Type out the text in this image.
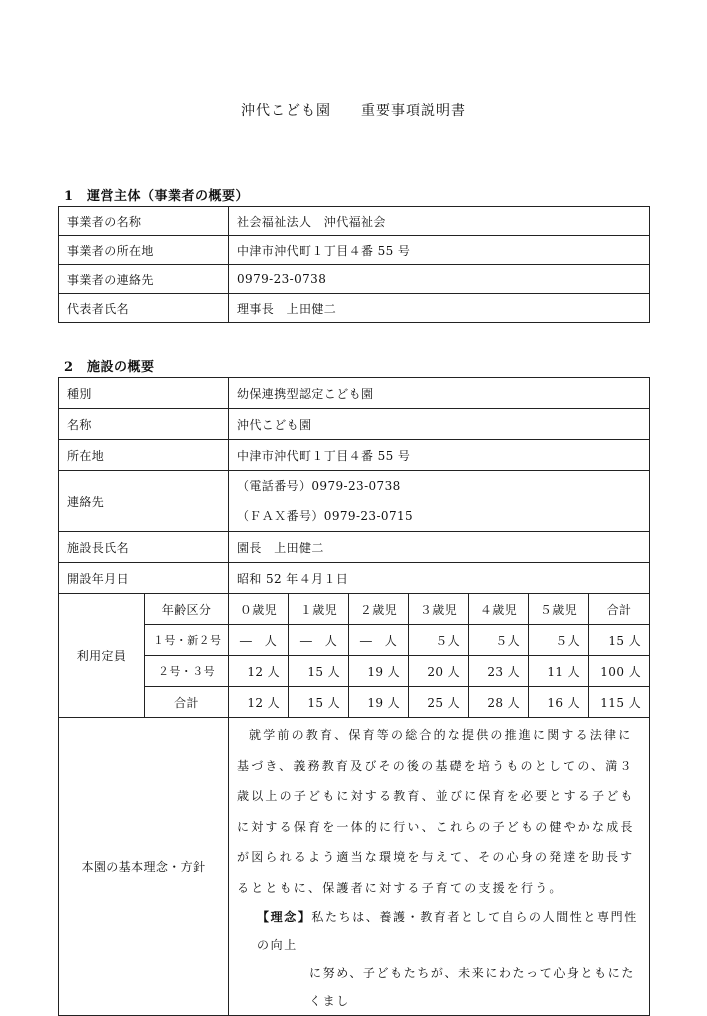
沖代こども園　　重要事項説明書
1　運営主体（事業者の概要）
事業者の名称	社会福祉法人　沖代福祉会
事業者の所在地	中津市沖代町１丁目４番 55 号
事業者の連絡先	0979-23-0738
代表者氏名	理事長　上田健二
2　施設の概要
種別		幼保連携型認定こども園						
名称		沖代こども園						
所在地		中津市沖代町１丁目４番 55 号						
連絡先		（電話番号）0979-23-0738
（ＦＡＸ番号）0979-23-0715						

施設長氏名		園長　上田健二						
開設年月日		昭和 52 年４月１日						
利用定員	年齢区分	０歳児	１歳児	２歳児	３歳児	４歳児	５歳児	合計
	１号・新２号	―　人	―　人	―　人	５人	５人	５人	15 人
	２号・３号	12 人	15 人	19 人	20 人	23 人	11 人	100 人
	合計	12 人	15 人	19 人	25 人	28 人	16 人	115 人
本園の基本理念・方針		就学前の教育、保育等の総合的な提供の推進に関する法律に基づき、義務教育及びその後の基礎を培うものとしての、満３歳以上の子どもに対する教育、並びに保育を必要とする子どもに対する保育を一体的に行い、これらの子どもの健やかな成長が図られるよう適当な環境を与えて、その心身の発達を助長するとともに、保護者に対する子育ての支援を行う。

【理念】私たちは、養護・教育者として自らの人間性と専門性の向上
に努め、子どもたちが、未来にわたって心身ともにたくまし						
